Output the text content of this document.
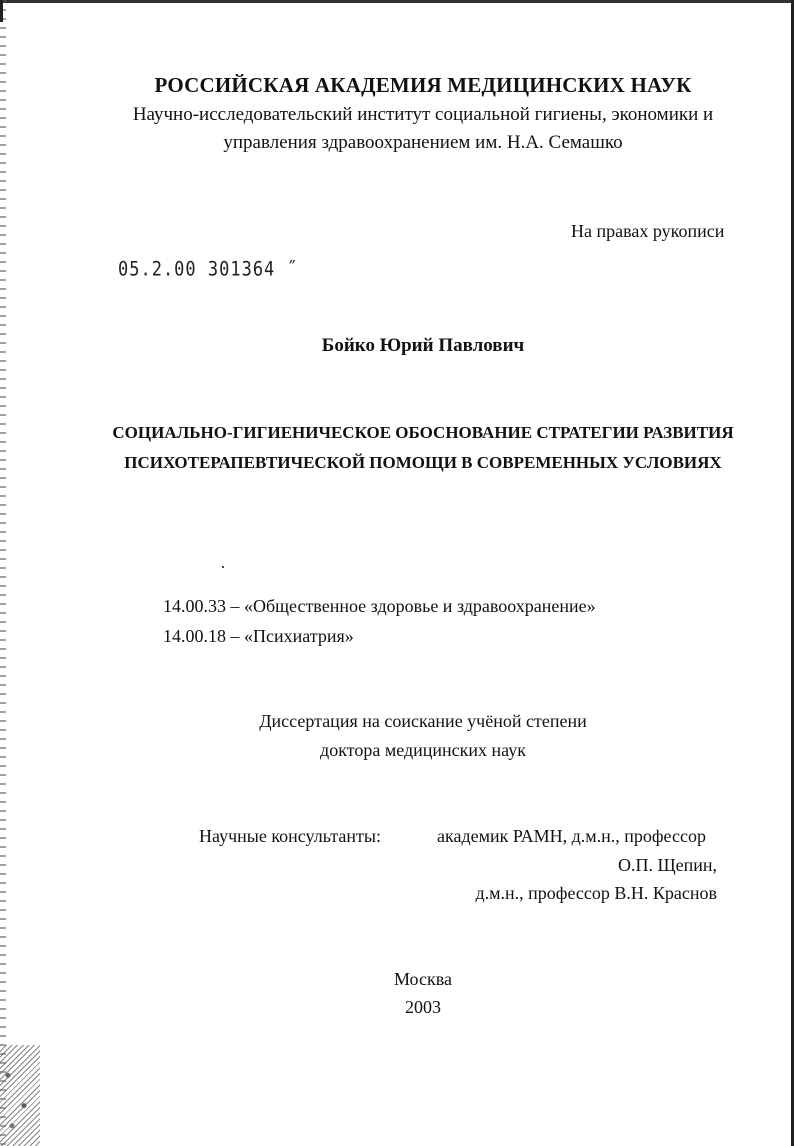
РОССИЙСКАЯ АКАДЕМИЯ МЕДИЦИНСКИХ НАУК
Научно-исследовательский институт социальной гигиены, экономики и
управления здравоохранением им. Н.А. Семашко
На правах рукописи
05.2.00 301364 ˝
Бойко Юрий Павлович
СОЦИАЛЬНО-ГИГИЕНИЧЕСКОЕ ОБОСНОВАНИЕ СТРАТЕГИИ РАЗВИТИЯ
ПСИХОТЕРАПЕВТИЧЕСКОЙ ПОМОЩИ В СОВРЕМЕННЫХ УСЛОВИЯХ
14.00.33 – «Общественное здоровье и здравоохранение»
14.00.18 – «Психиатрия»
Диссертация на соискание учёной степени
доктора медицинских наук
Научные консультанты:	академик РАМН, д.м.н., профессор
О.П. Щепин,
д.м.н., профессор В.Н. Краснов
Москва
2003
